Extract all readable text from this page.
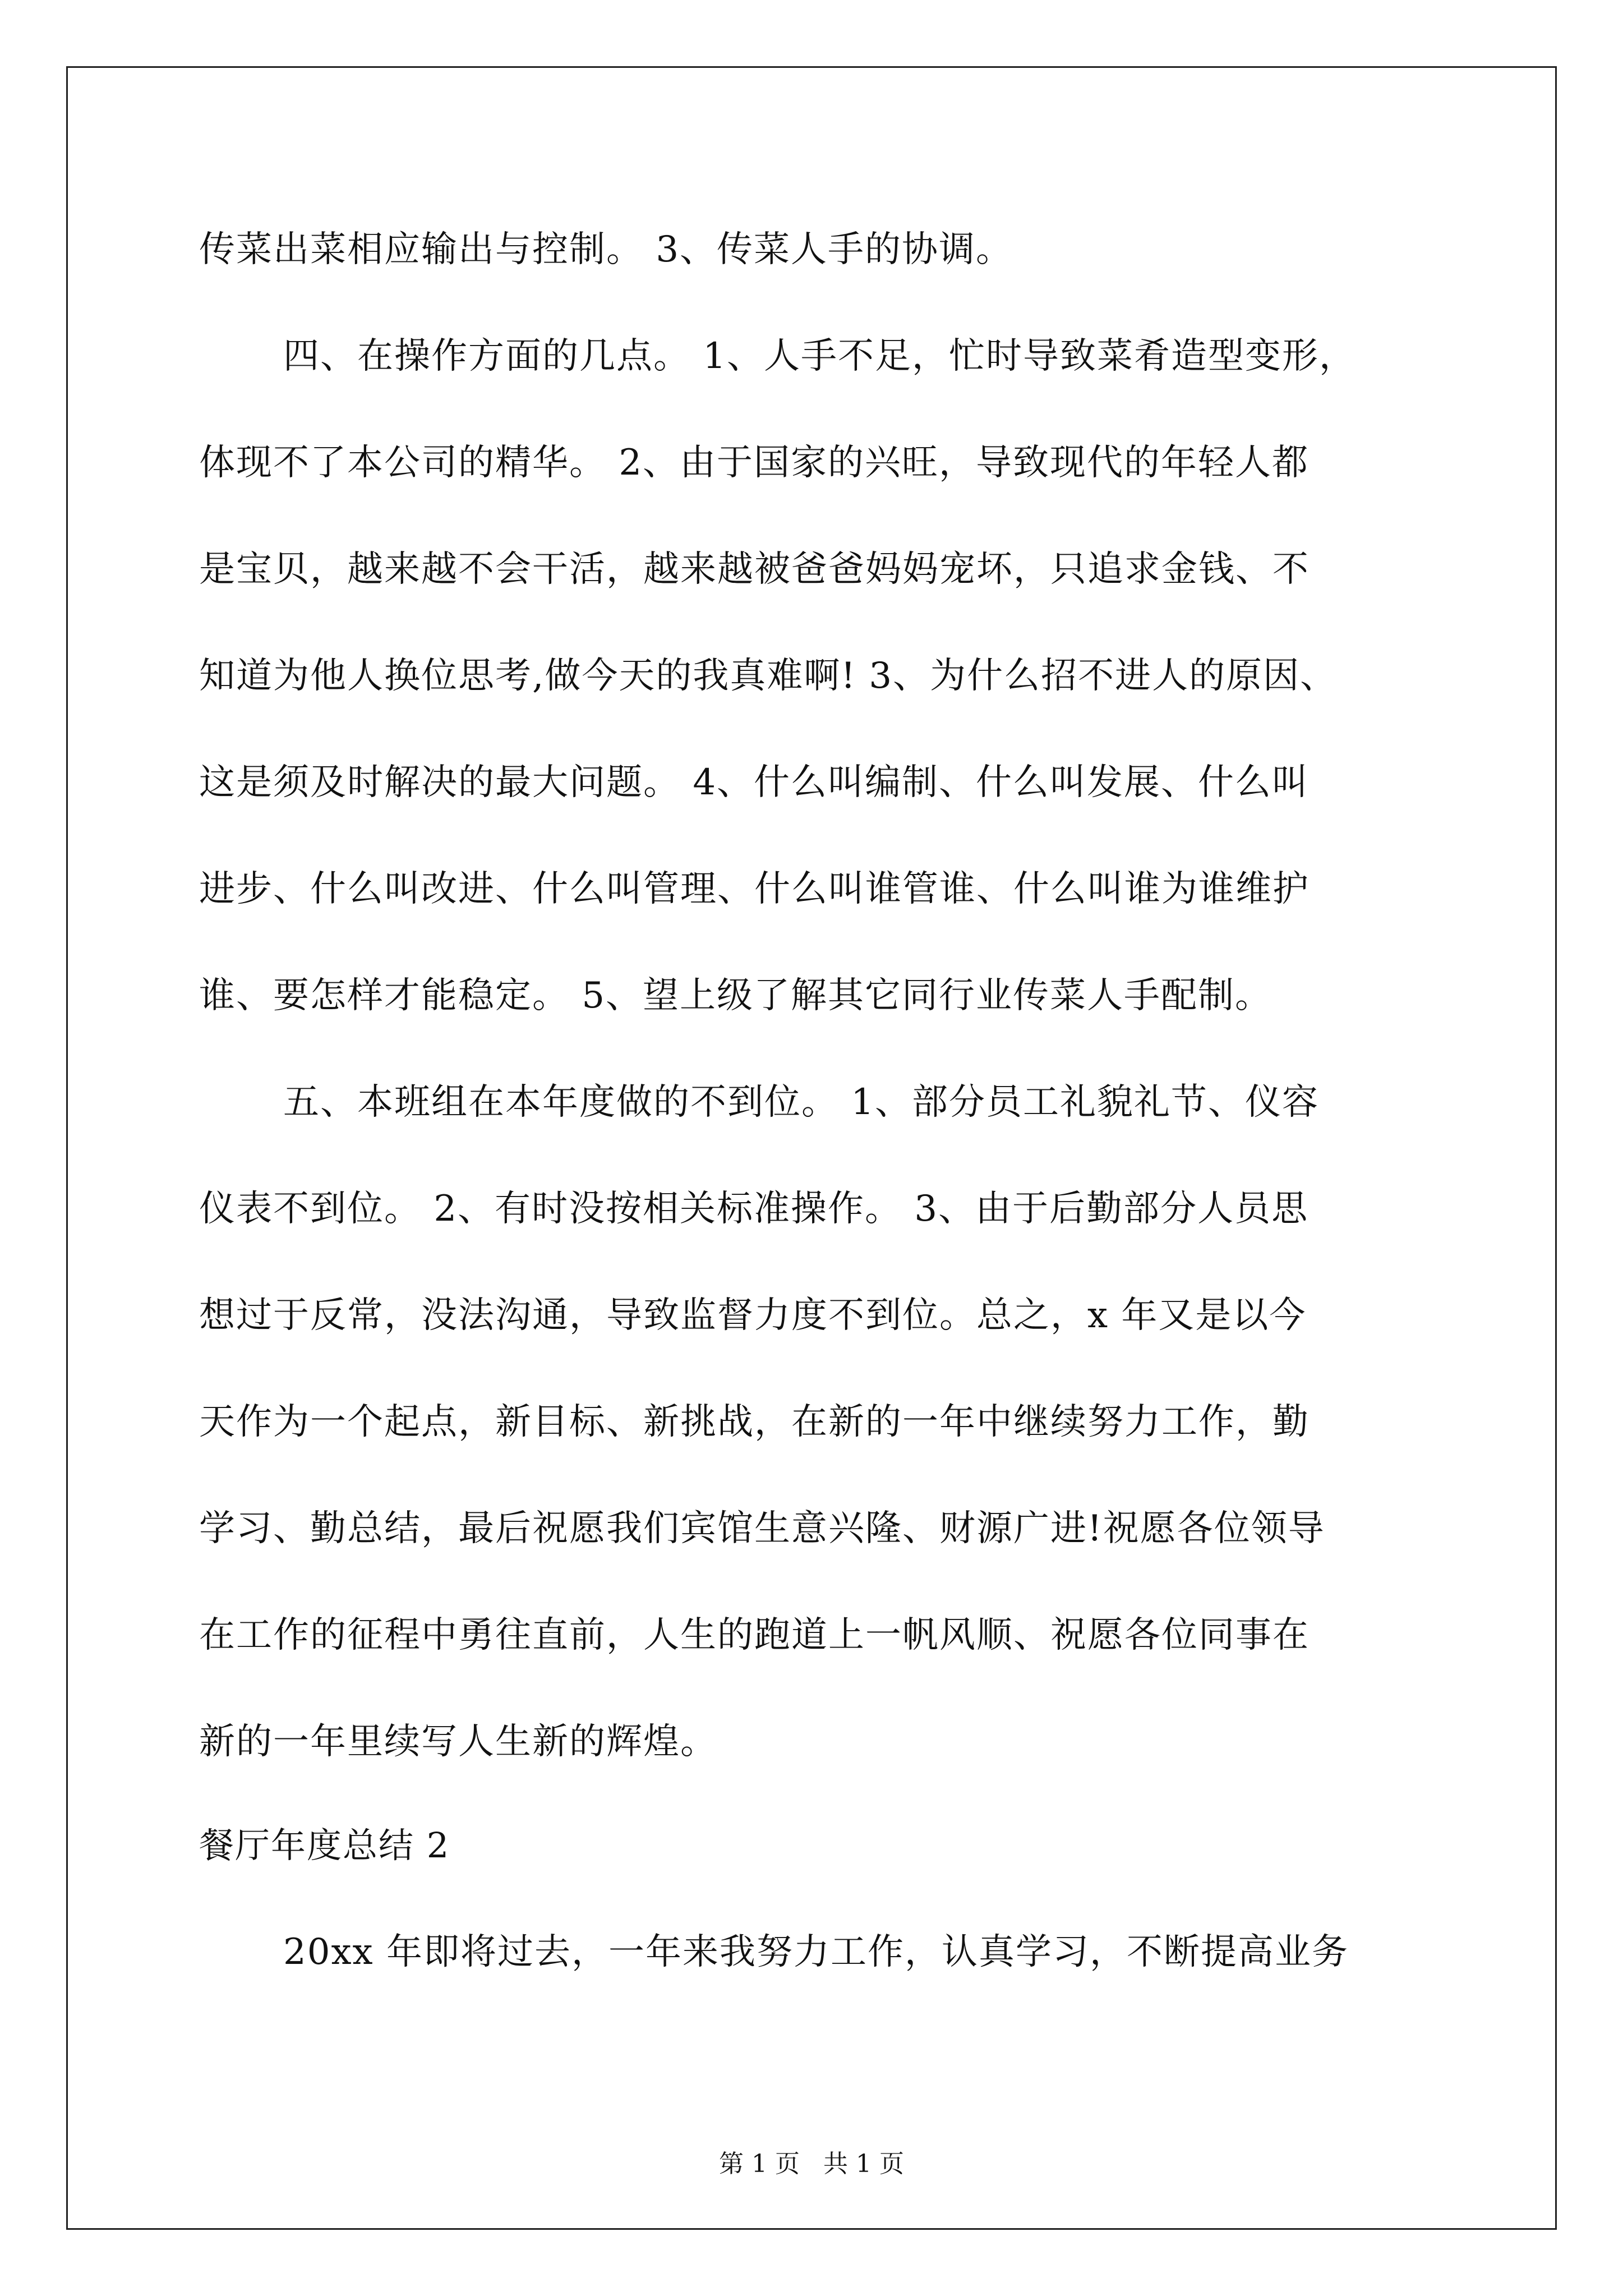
传菜出菜相应输出与控制。 3、传菜人手的协调。
四、在操作方面的几点。 1、人手不足，忙时导致菜肴造型变形，
体现不了本公司的精华。 2、由于国家的兴旺，导致现代的年轻人都
是宝贝，越来越不会干活，越来越被爸爸妈妈宠坏，只追求金钱、不
知道为他人换位思考,做今天的我真难啊! 3、为什么招不进人的原因、
这是须及时解决的最大问题。 4、什么叫编制、什么叫发展、什么叫
进步、什么叫改进、什么叫管理、什么叫谁管谁、什么叫谁为谁维护
谁、要怎样才能稳定。 5、望上级了解其它同行业传菜人手配制。
五、本班组在本年度做的不到位。 1、部分员工礼貌礼节、仪容
仪表不到位。 2、有时没按相关标准操作。 3、由于后勤部分人员思
想过于反常，没法沟通，导致监督力度不到位。总之，x 年又是以今
天作为一个起点，新目标、新挑战，在新的一年中继续努力工作，勤
学习、勤总结，最后祝愿我们宾馆生意兴隆、财源广进!祝愿各位领导
在工作的征程中勇往直前，人生的跑道上一帆风顺、祝愿各位同事在
新的一年里续写人生新的辉煌。
餐厅年度总结 2
20xx 年即将过去，一年来我努力工作，认真学习，不断提高业务
第 1 页   共 1 页
